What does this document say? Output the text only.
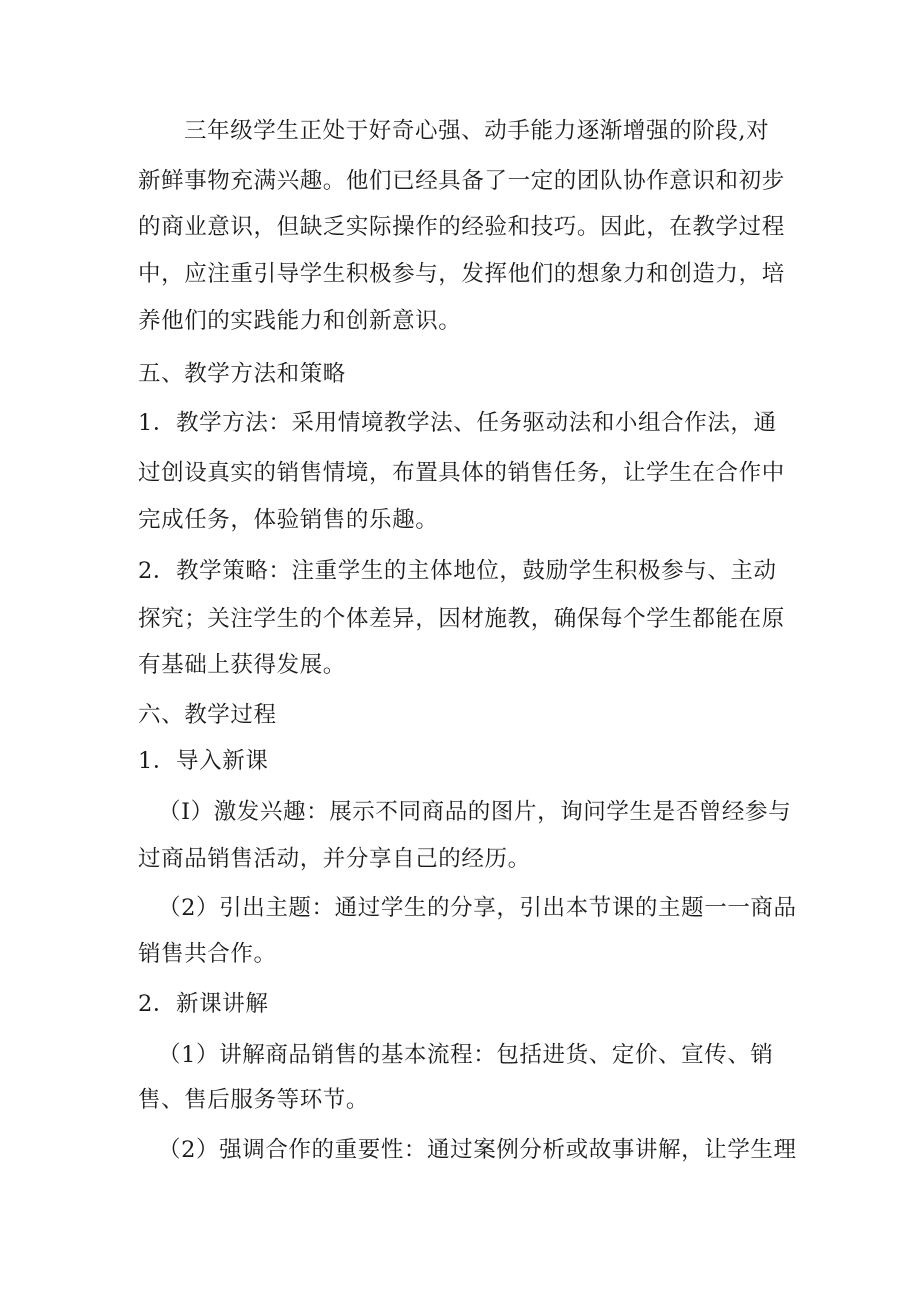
三年级学生正处于好奇心强、动手能力逐渐增强的阶段,对
新鲜事物充满兴趣。他们已经具备了一定的团队协作意识和初步
的商业意识，但缺乏实际操作的经验和技巧。因此，在教学过程
中，应注重引导学生积极参与，发挥他们的想象力和创造力，培
养他们的实践能力和创新意识。
五、教学方法和策略
1．教学方法：采用情境教学法、任务驱动法和小组合作法，通
过创设真实的销售情境，布置具体的销售任务，让学生在合作中
完成任务，体验销售的乐趣。
2．教学策略：注重学生的主体地位，鼓励学生积极参与、主动
探究；关注学生的个体差异，因材施教，确保每个学生都能在原
有基础上获得发展。
六、教学过程
1．导入新课
（I）激发兴趣：展示不同商品的图片，询问学生是否曾经参与
过商品销售活动，并分享自己的经历。
（2）引出主题：通过学生的分享，引出本节课的主题一一商品
销售共合作。
2．新课讲解
（1）讲解商品销售的基本流程：包括进货、定价、宣传、销
售、售后服务等环节。
（2）强调合作的重要性：通过案例分析或故事讲解，让学生理
